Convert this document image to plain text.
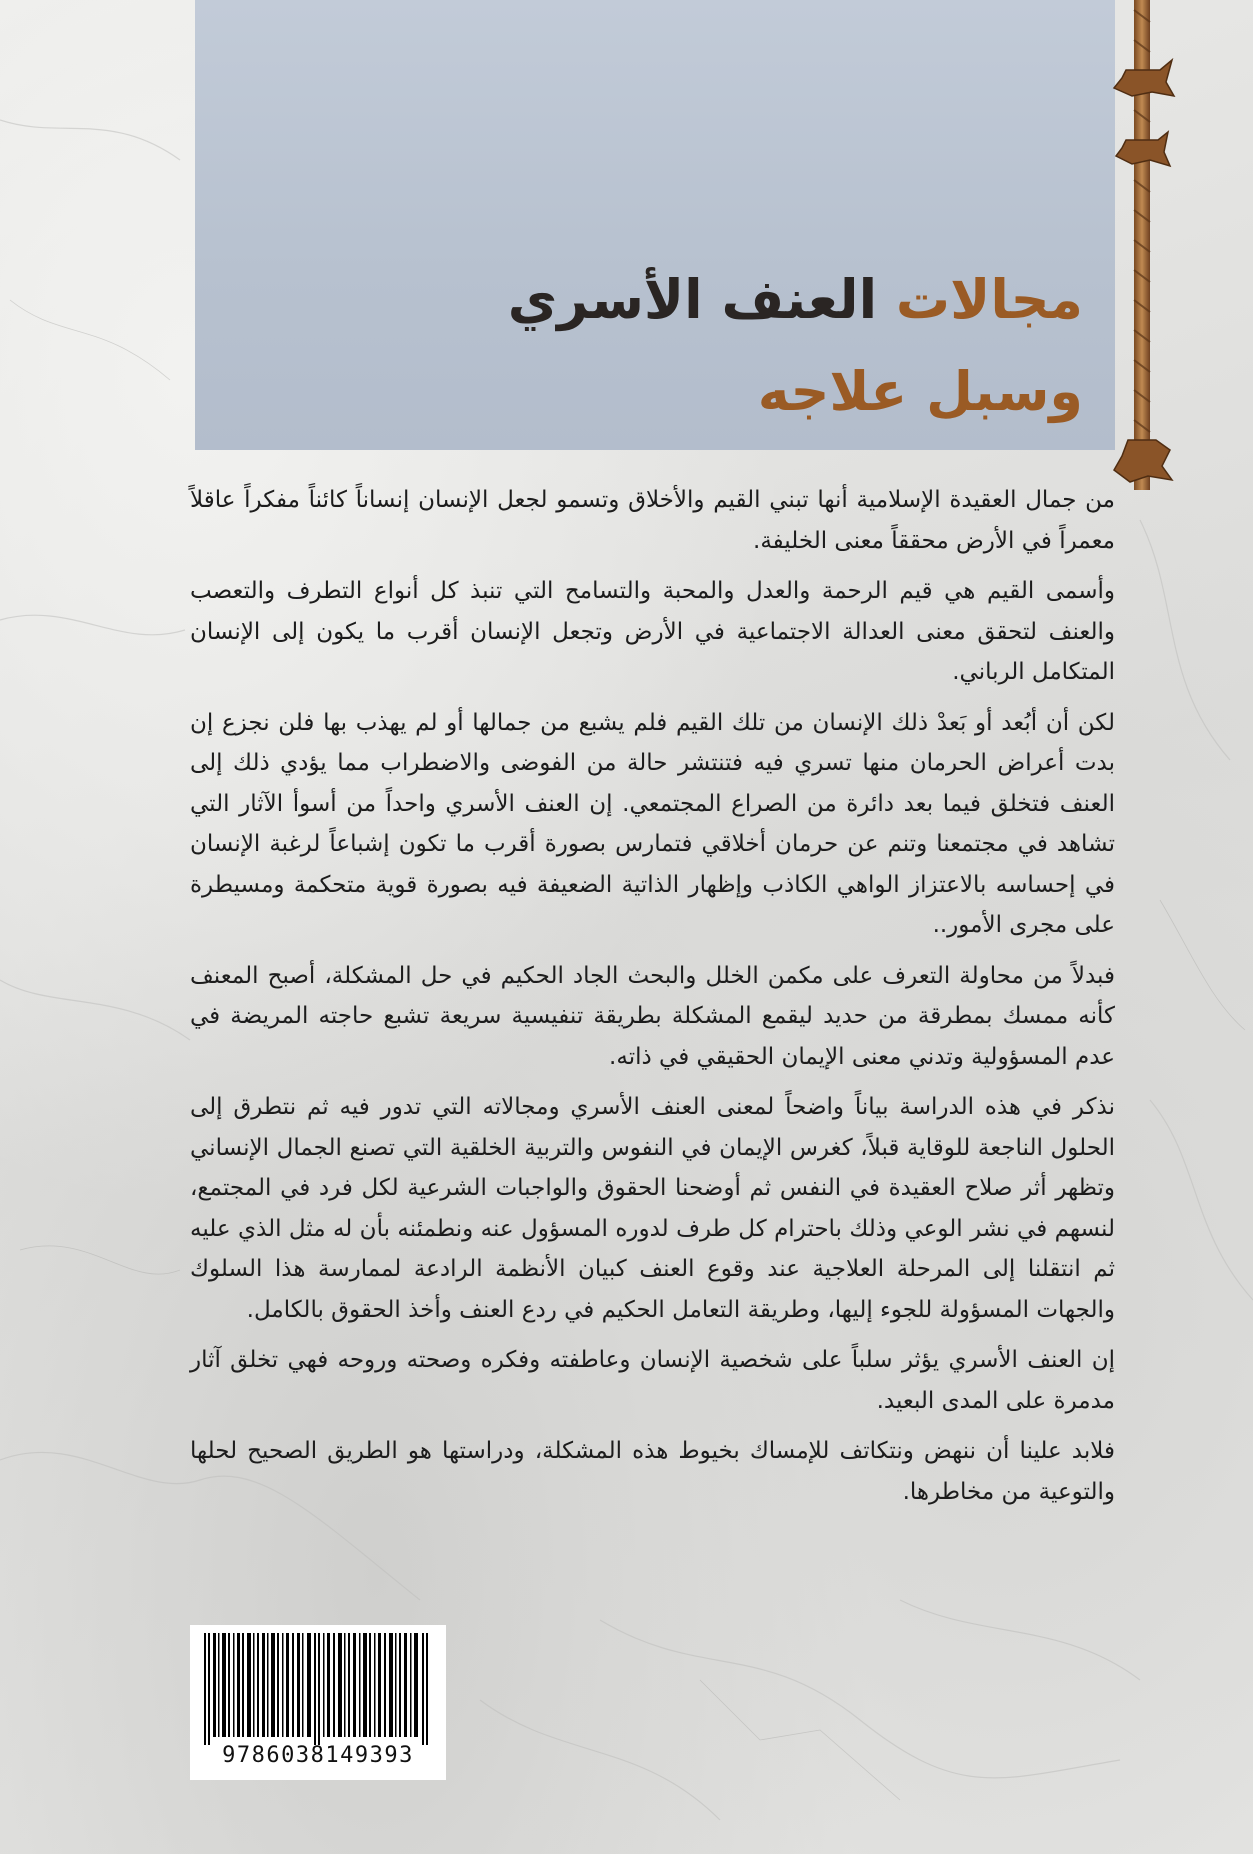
مجالات العنف الأسري
وسبل علاجه

من جمال العقيدة الإسلامية أنها تبني القيم والأخلاق وتسمو لجعل الإنسان إنساناً كائناً مفكراً عاقلاً معمراً في الأرض محققاً معنى الخليفة.

وأسمى القيم هي قيم الرحمة والعدل والمحبة والتسامح التي تنبذ كل أنواع التطرف والتعصب والعنف لتحقق معنى العدالة الاجتماعية في الأرض وتجعل الإنسان أقرب ما يكون إلى الإنسان المتكامل الرباني.

لكن أن أبُعد أو بَعدْ ذلك الإنسان من تلك القيم فلم يشبع من جمالها أو لم يهذب بها فلن نجزع إن بدت أعراض الحرمان منها تسري فيه فتنتشر حالة من الفوضى والاضطراب مما يؤدي ذلك إلى العنف فتخلق فيما بعد دائرة من الصراع المجتمعي. إن العنف الأسري واحداً من أسوأ الآثار التي تشاهد في مجتمعنا وتنم عن حرمان أخلاقي فتمارس بصورة أقرب ما تكون إشباعاً لرغبة الإنسان في إحساسه بالاعتزاز الواهي الكاذب وإظهار الذاتية الضعيفة فيه بصورة قوية متحكمة ومسيطرة على مجرى الأمور..

فبدلاً من محاولة التعرف على مكمن الخلل والبحث الجاد الحكيم في حل المشكلة، أصبح المعنف كأنه ممسك بمطرقة من حديد ليقمع المشكلة بطريقة تنفيسية سريعة تشبع حاجته المريضة في عدم المسؤولية وتدني معنى الإيمان الحقيقي في ذاته.

نذكر في هذه الدراسة بياناً واضحاً لمعنى العنف الأسري ومجالاته التي تدور فيه ثم نتطرق إلى الحلول الناجعة للوقاية قبلاً، كغرس الإيمان في النفوس والتربية الخلقية التي تصنع الجمال الإنساني وتظهر أثر صلاح العقيدة في النفس ثم أوضحنا الحقوق والواجبات الشرعية لكل فرد في المجتمع، لنسهم في نشر الوعي وذلك باحترام كل طرف لدوره المسؤول عنه ونطمئنه بأن له مثل الذي عليه ثم انتقلنا إلى المرحلة العلاجية عند وقوع العنف كبيان الأنظمة الرادعة لممارسة هذا السلوك والجهات المسؤولة للجوء إليها، وطريقة التعامل الحكيم في ردع العنف وأخذ الحقوق بالكامل.

إن العنف الأسري يؤثر سلباً على شخصية الإنسان وعاطفته وفكره وصحته وروحه فهي تخلق آثار مدمرة على المدى البعيد.

فلابد علينا أن ننهض ونتكاتف للإمساك بخيوط هذه المشكلة، ودراستها هو الطريق الصحيح لحلها والتوعية من مخاطرها.

9786038149393
